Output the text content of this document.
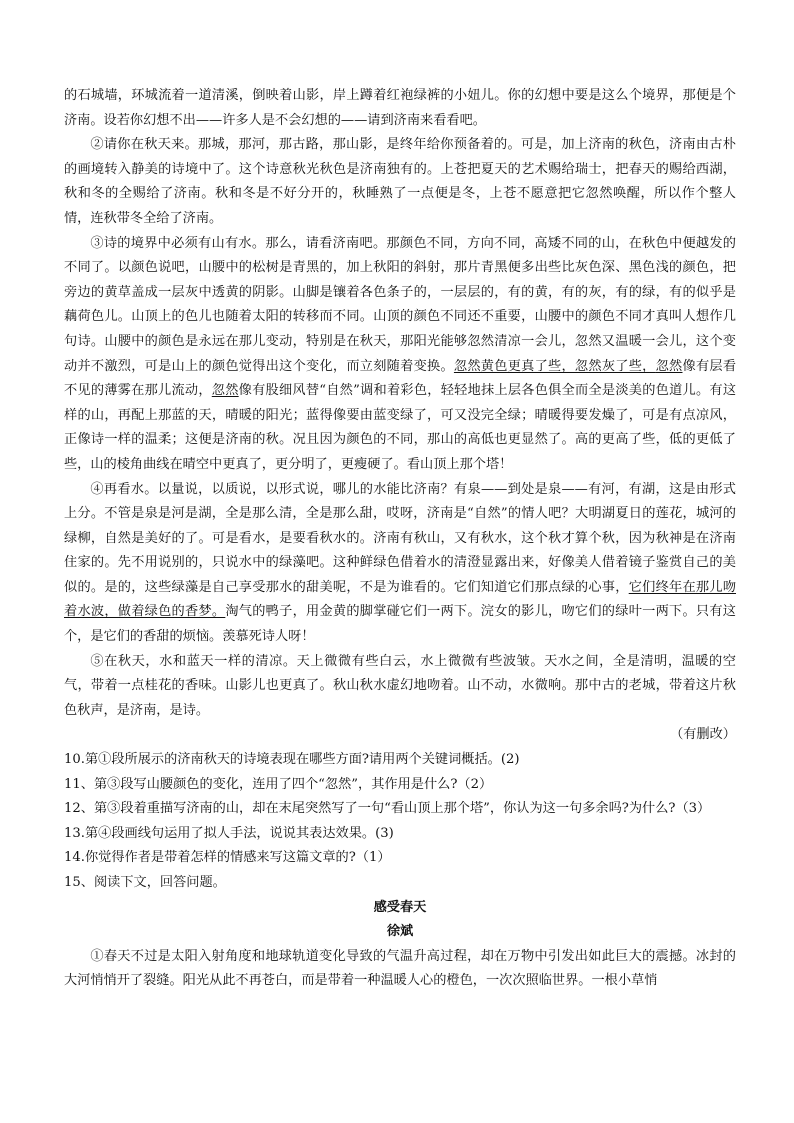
的石城墙，环城流着一道清溪，倒映着山影，岸上蹲着红袍绿裤的小妞儿。你的幻想中要是这么个境界，那便是个济南。设若你幻想不出——许多人是不会幻想的——请到济南来看看吧。

②请你在秋天来。那城，那河，那古路，那山影，是终年给你预备着的。可是，加上济南的秋色，济南由古朴的画境转入静美的诗境中了。这个诗意秋光秋色是济南独有的。上苍把夏天的艺术赐给瑞士，把春天的赐给西湖，秋和冬的全赐给了济南。秋和冬是不好分开的，秋睡熟了一点便是冬，上苍不愿意把它忽然唤醒，所以作个整人情，连秋带冬全给了济南。

③诗的境界中必须有山有水。那么，请看济南吧。那颜色不同，方向不同，高矮不同的山，在秋色中便越发的不同了。以颜色说吧，山腰中的松树是青黑的，加上秋阳的斜射，那片青黑便多出些比灰色深、黑色浅的颜色，把旁边的黄草盖成一层灰中透黄的阴影。山脚是镶着各色条子的，一层层的，有的黄，有的灰，有的绿，有的似乎是藕荷色儿。山顶上的色儿也随着太阳的转移而不同。山顶的颜色不同还不重要，山腰中的颜色不同才真叫人想作几句诗。山腰中的颜色是永远在那儿变动，特别是在秋天，那阳光能够忽然清凉一会儿，忽然又温暖一会儿，这个变动并不激烈，可是山上的颜色觉得出这个变化，而立刻随着变换。忽然黄色更真了些，忽然灰了些，忽然像有层看不见的薄雾在那儿流动，忽然像有股细风替“自然”调和着彩色，轻轻地抹上层各色俱全而全是淡美的色道儿。有这样的山，再配上那蓝的天，晴暖的阳光；蓝得像要由蓝变绿了，可又没完全绿；晴暖得要发燥了，可是有点凉风，正像诗一样的温柔；这便是济南的秋。况且因为颜色的不同，那山的高低也更显然了。高的更高了些，低的更低了些，山的棱角曲线在晴空中更真了，更分明了，更瘦硬了。看山顶上那个塔！

④再看水。以量说，以质说，以形式说，哪儿的水能比济南？有泉——到处是泉——有河，有湖，这是由形式上分。不管是泉是河是湖，全是那么清，全是那么甜，哎呀，济南是“自然”的情人吧？大明湖夏日的莲花，城河的绿柳，自然是美好的了。可是看水，是要看秋水的。济南有秋山，又有秋水，这个秋才算个秋，因为秋神是在济南住家的。先不用说别的，只说水中的绿藻吧。这种鲜绿色借着水的清澄显露出来，好像美人借着镜子鉴赏自己的美似的。是的，这些绿藻是自己享受那水的甜美呢，不是为谁看的。它们知道它们那点绿的心事，它们终年在那儿吻着水波，做着绿色的香梦。淘气的鸭子，用金黄的脚掌碰它们一两下。浣女的影儿，吻它们的绿叶一两下。只有这个，是它们的香甜的烦恼。羡慕死诗人呀！

⑤在秋天，水和蓝天一样的清凉。天上微微有些白云，水上微微有些波皱。天水之间，全是清明，温暖的空气，带着一点桂花的香味。山影儿也更真了。秋山秋水虚幻地吻着。山不动，水微响。那中古的老城，带着这片秋色秋声，是济南，是诗。

（有删改）

10.第①段所展示的济南秋天的诗境表现在哪些方面?请用两个关键词概括。(2)

11、第③段写山腰颜色的变化，连用了四个“忽然”，其作用是什么?（2）

12、第③段着重描写济南的山，却在末尾突然写了一句“看山顶上那个塔”，你认为这一句多余吗?为什么?（3）

13.第④段画线句运用了拟人手法，说说其表达效果。(3)

14.你觉得作者是带着怎样的情感来写这篇文章的?（1）

15、阅读下文，回答问题。

感受春天

徐斌

①春天不过是太阳入射角度和地球轨道变化导致的气温升高过程，却在万物中引发出如此巨大的震撼。冰封的大河悄悄开了裂缝。阳光从此不再苍白，而是带着一种温暖人心的橙色，一次次照临世界。一根小草悄
